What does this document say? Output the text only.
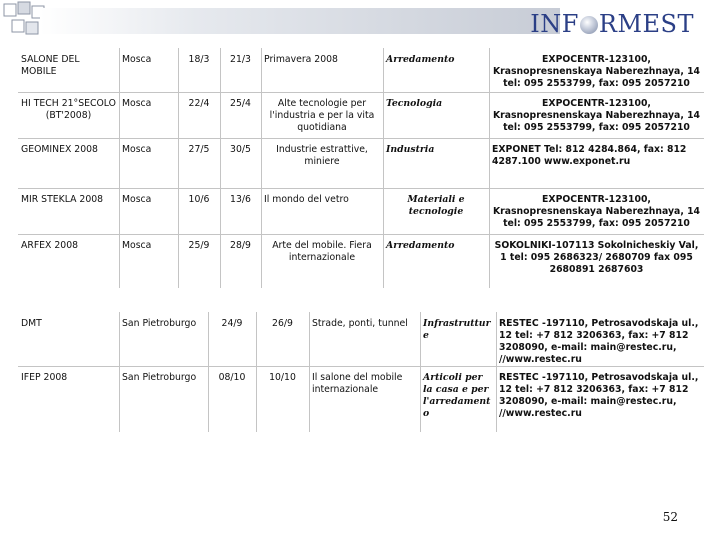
INF RMEST
SALONE DEL MOBILE	Mosca	18/3	21/3	Primavera 2008	Arredamento	EXPOCENTR-123100, Krasnopresnenskaya Naberezhnaya, 14 tel: 095 2553799, fax: 095 2057210
HI TECH 21°SECOLO (BT'2008)	Mosca	22/4	25/4	Alte tecnologie per l'industria e per la vita quotidiana	Tecnologia	EXPOCENTR-123100, Krasnopresnenskaya Naberezhnaya, 14 tel: 095 2553799, fax: 095 2057210
GEOMINEX 2008	Mosca	27/5	30/5	Industrie estrattive, miniere	Industria	EXPONET Tel: 812 4284.864, fax: 812 4287.100 www.exponet.ru
MIR STEKLA 2008	Mosca	10/6	13/6	Il mondo del vetro	Materiali e tecnologie	EXPOCENTR-123100, Krasnopresnenskaya Naberezhnaya, 14 tel: 095 2553799, fax: 095 2057210
ARFEX 2008	Mosca	25/9	28/9	Arte del mobile. Fiera internazionale	Arredamento	SOKOLNIKI-107113 Sokolnicheskiy Val, 1 tel: 095 2686323/ 2680709 fax 095 2680891 2687603
DMT	San Pietroburgo	24/9	26/9	Strade, ponti, tunnel	Infrastruttur e	RESTEC -197110, Petrosavodskaja ul., 12 tel: +7 812 3206363, fax: +7 812 3208090, e-mail: main@restec.ru, //www.restec.ru
IFEP 2008	San Pietroburgo	08/10	10/10	Il salone del mobile internazionale	Articoli per la casa e per l'arredament o	RESTEC -197110, Petrosavodskaja ul., 12 tel: +7 812 3206363, fax: +7 812 3208090, e-mail: main@restec.ru, //www.restec.ru
52
